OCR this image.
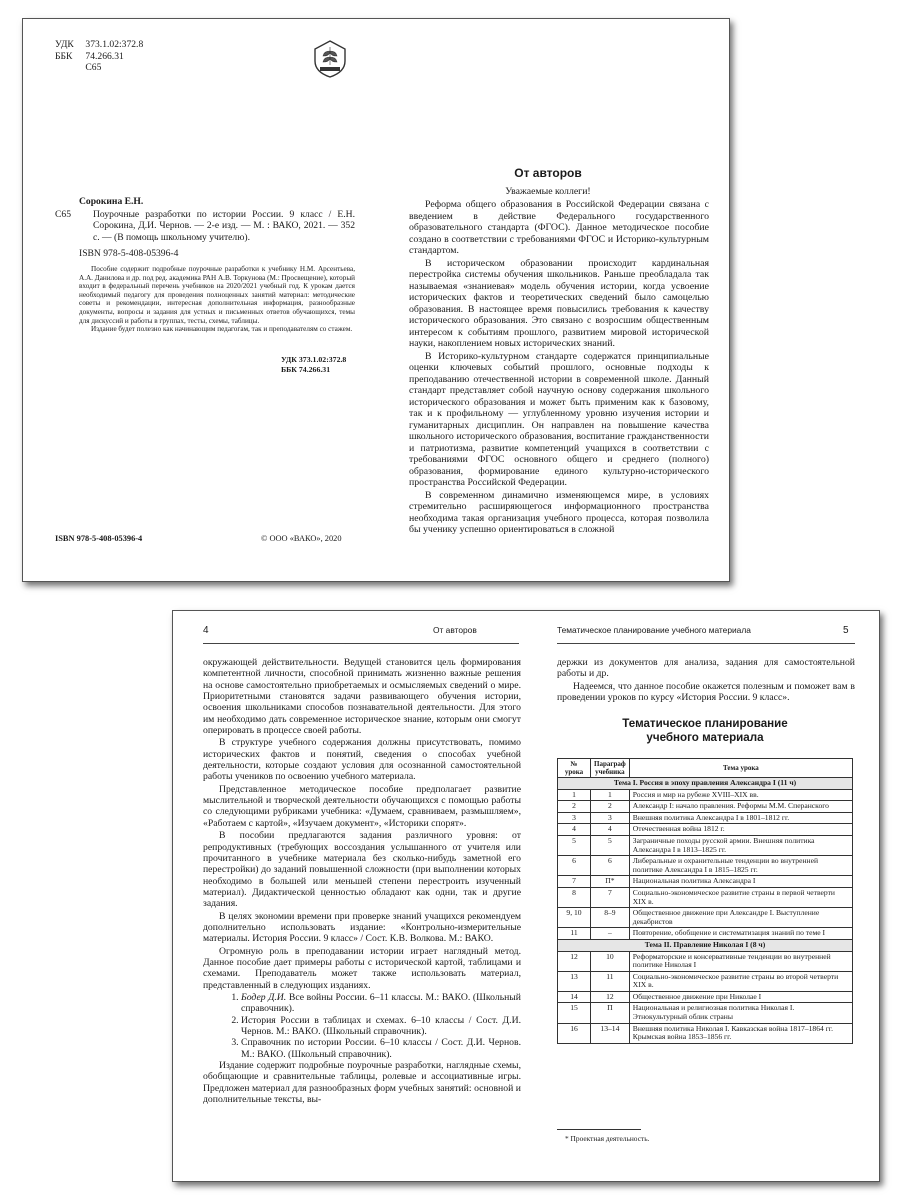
УДК 373.1.02:372.8
ББК 74.266.31
С65
Сорокина Е.Н.
С65 Поурочные разработки по истории России. 9 класс / Е.Н. Сорокина, Д.И. Чернов. — 2-е изд. — М. : ВАКО, 2021. — 352 с. — (В помощь школьному учителю).
ISBN 978-5-408-05396-4

Пособие содержит подробные поурочные разработки к учебнику Н.М. Арсентьева, А.А. Данилова и др. под ред. академика РАН А.В. Торкунова (М.: Просвещение), который входит в федеральный перечень учебников на 2020/2021 учебный год. К урокам дается необходимый педагогу для проведения полноценных занятий материал: методические советы и рекомендации, интересная дополнительная информация, разнообразные документы, вопросы и задания для устных и письменных ответов обучающихся, темы для дискуссий и работы в группах, тесты, схемы, таблицы.

Издание будет полезно как начинающим педагогам, так и преподавателям со стажем.

УДК 373.1.02:372.8
ББК 74.266.31
ISBN 978-5-408-05396-4	© ООО «ВАКО», 2020
От авторов
Уважаемые коллеги!

Реформа общего образования в Российской Федерации связана с введением в действие Федерального государственного образовательного стандарта (ФГОС). Данное методическое пособие создано в соответствии с требованиями ФГОС и Историко-культурным стандартом.

В историческом образовании происходит кардинальная перестройка системы обучения школьников. Раньше преобладала так называемая «знаниевая» модель обучения истории, когда усвоение исторических фактов и теоретических сведений было самоцелью образования. В настоящее время повысились требования к качеству исторического образования. Это связано с возросшим общественным интересом к событиям прошлого, развитием мировой исторической науки, накоплением новых исторических знаний.

В Историко-культурном стандарте содержатся принципиальные оценки ключевых событий прошлого, основные подходы к преподаванию отечественной истории в современной школе. Данный стандарт представляет собой научную основу содержания школьного исторического образования и может быть применим как к базовому, так и к профильному — углубленному уровню изучения истории и гуманитарных дисциплин. Он направлен на повышение качества школьного исторического образования, воспитание гражданственности и патриотизма, развитие компетенций учащихся в соответствии с требованиями ФГОС основного общего и среднего (полного) образования, формирование единого культурно-исторического пространства Российской Федерации.

В современном динамично изменяющемся мире, в условиях стремительно расширяющегося информационного пространства необходима такая организация учебного процесса, которая позволила бы ученику успешно ориентироваться в сложной

4	От авторов

окружающей действительности. Ведущей становится цель формирования компетентной личности, способной принимать жизненно важные решения на основе самостоятельно приобретаемых и осмысляемых сведений о мире. Приоритетными становятся задачи развивающего обучения истории, освоения школьниками способов познавательной деятельности. Для этого им необходимо дать современное историческое знание, которым они смогут оперировать в процессе своей работы.

В структуре учебного содержания должны присутствовать, помимо исторических фактов и понятий, сведения о способах учебной деятельности, которые создают условия для осознанной самостоятельной работы учеников по освоению учебного материала.

Представленное методическое пособие предполагает развитие мыслительной и творческой деятельности обучающихся с помощью работы со следующими рубриками учебника: «Думаем, сравниваем, размышляем», «Работаем с картой», «Изучаем документ», «Историки спорят».

В пособии предлагаются задания различного уровня: от репродуктивных (требующих воссоздания услышанного от учителя или прочитанного в учебнике материала без сколько-нибудь заметной его перестройки) до заданий повышенной сложности (при выполнении которых необходимо в большей или меньшей степени перестроить изученный материал). Дидактической ценностью обладают как одни, так и другие задания.

В целях экономии времени при проверке знаний учащихся рекомендуем дополнительно использовать издание: «Контрольно-измерительные материалы. История России. 9 класс» / Сост. К.В. Волкова. М.: ВАКО.

Огромную роль в преподавании истории играет наглядный метод. Данное пособие дает примеры работы с исторической картой, таблицами и схемами. Преподаватель может также использовать материал, представленный в следующих изданиях.

1. Бодер Д.И. Все войны России. 6–11 классы. М.: ВАКО. (Школьный справочник).
2. История России в таблицах и схемах. 6–10 классы / Сост. Д.И. Чернов. М.: ВАКО. (Школьный справочник).
3. Справочник по истории России. 6–10 классы / Сост. Д.И. Чернов. М.: ВАКО. (Школьный справочник).

Издание содержит подробные поурочные разработки, наглядные схемы, обобщающие и сравнительные таблицы, ролевые и ассоциативные игры. Предложен материал для разнообразных форм учебных занятий: основной и дополнительные тексты, вы-

Тематическое планирование учебного материала	5

держки из документов для анализа, задания для самостоятельной работы и др.

Надеемся, что данное пособие окажется полезным и поможет вам в проведении уроков по курсу «История России. 9 класс».

Тематическое планирование
учебного материала
№ урока	Параграф учебника	Тема урока
Тема I. Россия в эпоху правления Александра I (11 ч)		
1	1	Россия и мир на рубеже XVIII–XIX вв.
2	2	Александр I: начало правления. Реформы М.М. Сперанского
3	3	Внешняя политика Александра I в 1801–1812 гг.
4	4	Отечественная война 1812 г.
5	5	Заграничные походы русской армии. Внешняя политика Александра I в 1813–1825 гг.
6	6	Либеральные и охранительные тенденции во внутренней политике Александра I в 1815–1825 гг.
7	П*	Национальная политика Александра I
8	7	Социально-экономическое развитие страны в первой четверти XIX в.
9, 10	8–9	Общественное движение при Александре I. Выступление декабристов
11	–	Повторение, обобщение и систематизация знаний по теме I
Тема II. Правление Николая I (8 ч)		
12	10	Реформаторские и консервативные тенденции во внутренней политике Николая I
13	11	Социально-экономическое развитие страны во второй четверти XIX в.
14	12	Общественное движение при Николае I
15	П	Национальная и религиозная политика Николая I. Этнокультурный облик страны
16	13–14	Внешняя политика Николая I. Кавказская война 1817–1864 гг. Крымская война 1853–1856 гг.
* Проектная деятельность.
